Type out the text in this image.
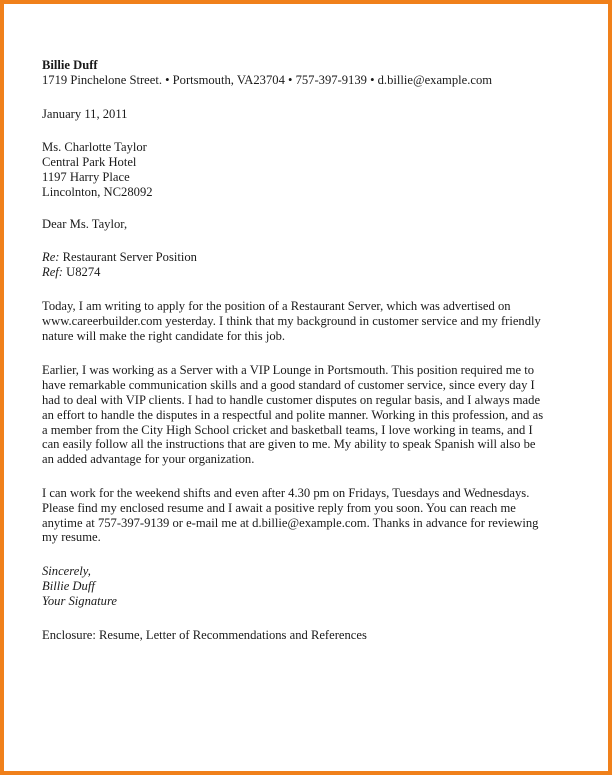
Billie Duff
1719 Pinchelone Street. • Portsmouth, VA23704 • 757-397-9139 • d.billie@example.com
January 11, 2011
Ms. Charlotte Taylor
Central Park Hotel
1197 Harry Place
Lincolnton, NC28092
Dear Ms. Taylor,
Re: Restaurant Server Position
Ref: U8274
Today, I am writing to apply for the position of a Restaurant Server, which was advertised on
www.careerbuilder.com yesterday. I think that my background in customer service and my friendly
nature will make the right candidate for this job.
Earlier, I was working as a Server with a VIP Lounge in Portsmouth. This position required me to
have remarkable communication skills and a good standard of customer service, since every day I
had to deal with VIP clients. I had to handle customer disputes on regular basis, and I always made
an effort to handle the disputes in a respectful and polite manner. Working in this profession, and as
a member from the City High School cricket and basketball teams, I love working in teams, and I
can easily follow all the instructions that are given to me. My ability to speak Spanish will also be
an added advantage for your organization.
I can work for the weekend shifts and even after 4.30 pm on Fridays, Tuesdays and Wednesdays.
Please find my enclosed resume and I await a positive reply from you soon. You can reach me
anytime at 757-397-9139 or e-mail me at d.billie@example.com. Thanks in advance for reviewing
my resume.
Sincerely,
Billie Duff
Your Signature
Enclosure: Resume, Letter of Recommendations and References
